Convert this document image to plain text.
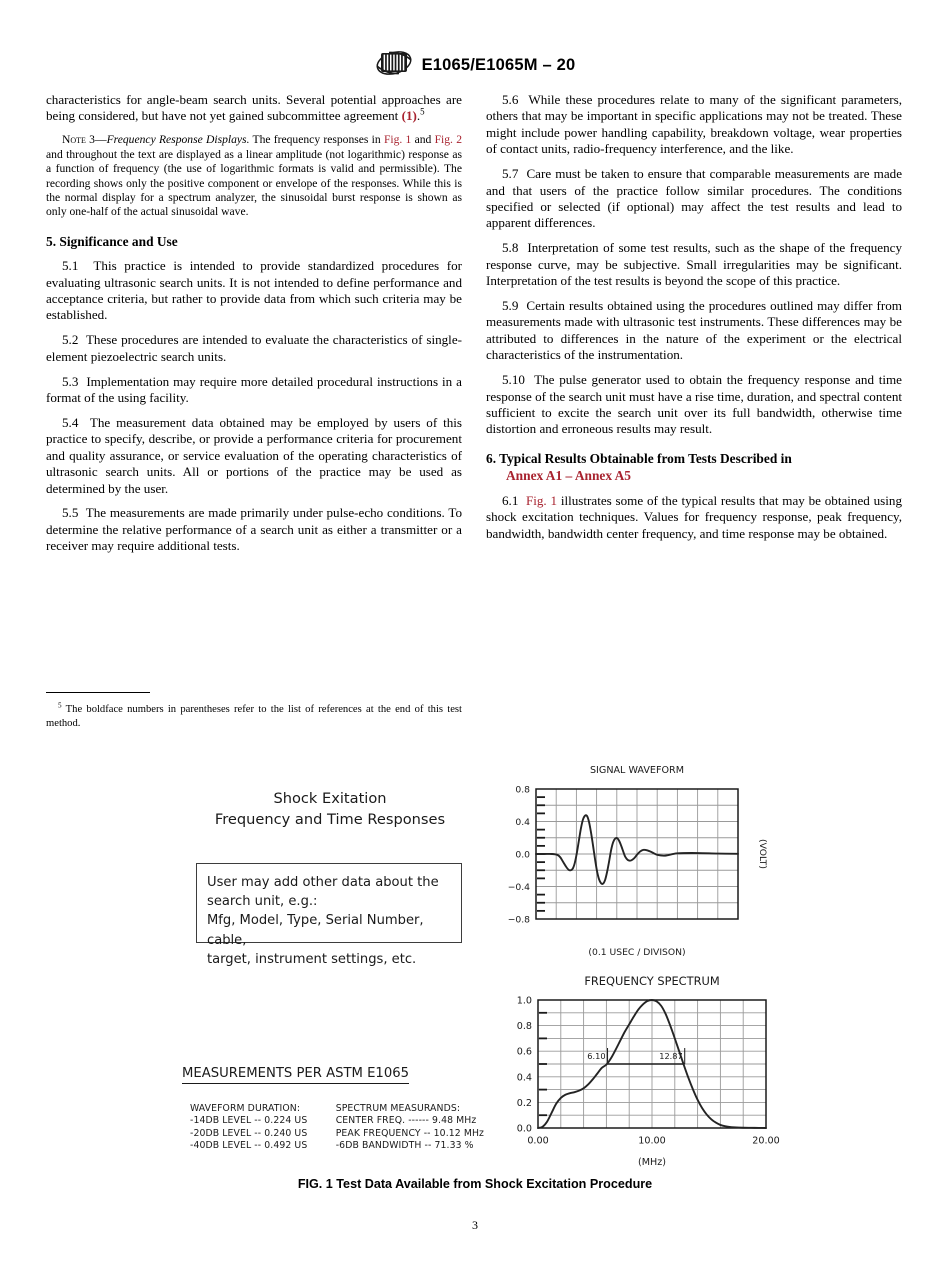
E1065/E1065M – 20

characteristics for angle-beam search units. Several potential approaches are being considered, but have not yet gained subcommittee agreement (1).$^5$

Note 3—Frequency Response Displays. The frequency responses in Fig. 1 and Fig. 2 and throughout the text are displayed as a linear amplitude (not logarithmic) response as a function of frequency (the use of logarithmic formats is valid and permissible). The recording shows only the positive component or envelope of the responses. While this is the normal display for a spectrum analyzer, the sinusoidal burst response is shown as only one-half of the actual sinusoidal wave.

5. Significance and Use

5.1 This practice is intended to provide standardized procedures for evaluating ultrasonic search units. It is not intended to define performance and acceptance criteria, but rather to provide data from which such criteria may be established.

5.2 These procedures are intended to evaluate the characteristics of single-element piezoelectric search units.

5.3 Implementation may require more detailed procedural instructions in a format of the using facility.

5.4 The measurement data obtained may be employed by users of this practice to specify, describe, or provide a performance criteria for procurement and quality assurance, or service evaluation of the operating characteristics of ultrasonic search units. All or portions of the practice may be used as determined by the user.

5.5 The measurements are made primarily under pulse-echo conditions. To determine the relative performance of a search unit as either a transmitter or a receiver may require additional tests.

$^5$ The boldface numbers in parentheses refer to the list of references at the end of this test method.

5.6 While these procedures relate to many of the significant parameters, others that may be important in specific applications may not be treated. These might include power handling capability, breakdown voltage, wear properties of contact units, radio-frequency interference, and the like.

5.7 Care must be taken to ensure that comparable measurements are made and that users of the practice follow similar procedures. The conditions specified or selected (if optional) may affect the test results and lead to apparent differences.

5.8 Interpretation of some test results, such as the shape of the frequency response curve, may be subjective. Small irregularities may be significant. Interpretation of the test results is beyond the scope of this practice.

5.9 Certain results obtained using the procedures outlined may differ from measurements made with ultrasonic test instruments. These differences may be attributed to differences in the nature of the experiment or the electrical characteristics of the instrumentation.

5.10 The pulse generator used to obtain the frequency response and time response of the search unit must have a rise time, duration, and spectral content sufficient to excite the search unit over its full bandwidth, otherwise time distortion and erroneous results may result.

6. Typical Results Obtainable from Tests Described in
Annex A1 – Annex A5

6.1 Fig. 1 illustrates some of the typical results that may be obtained using shock excitation techniques. Values for frequency response, peak frequency, bandwidth, bandwidth center frequency, and time response may be obtained.

Shock Exitation
Frequency and Time Responses
User may add other data about the
search unit, e.g.:
Mfg, Model, Type, Serial Number, cable,
target, instrument settings, etc.
MEASUREMENTS PER ASTM E1065
WAVEFORM DURATION:
-14DB LEVEL -- 0.224 US
-20DB LEVEL -- 0.240 US
-40DB LEVEL -- 0.492 US
SPECTRUM MEASURANDS:
CENTER FREQ. ------ 9.48 MHz
PEAK FREQUENCY -- 10.12 MHz
-6DB BANDWIDTH -- 71.33 %
SIGNAL WAVEFORM
0.8
0.4
0.0
−0.4
−0.8
(0.1 USEC / DIVISON)
(VOLT)
FREQUENCY SPECTRUM
1.0
0.8
0.6
0.4
0.2
0.0
0.00	10.00	20.00
(MHz)
6.10	12.87
FIG. 1 Test Data Available from Shock Excitation Procedure
3
